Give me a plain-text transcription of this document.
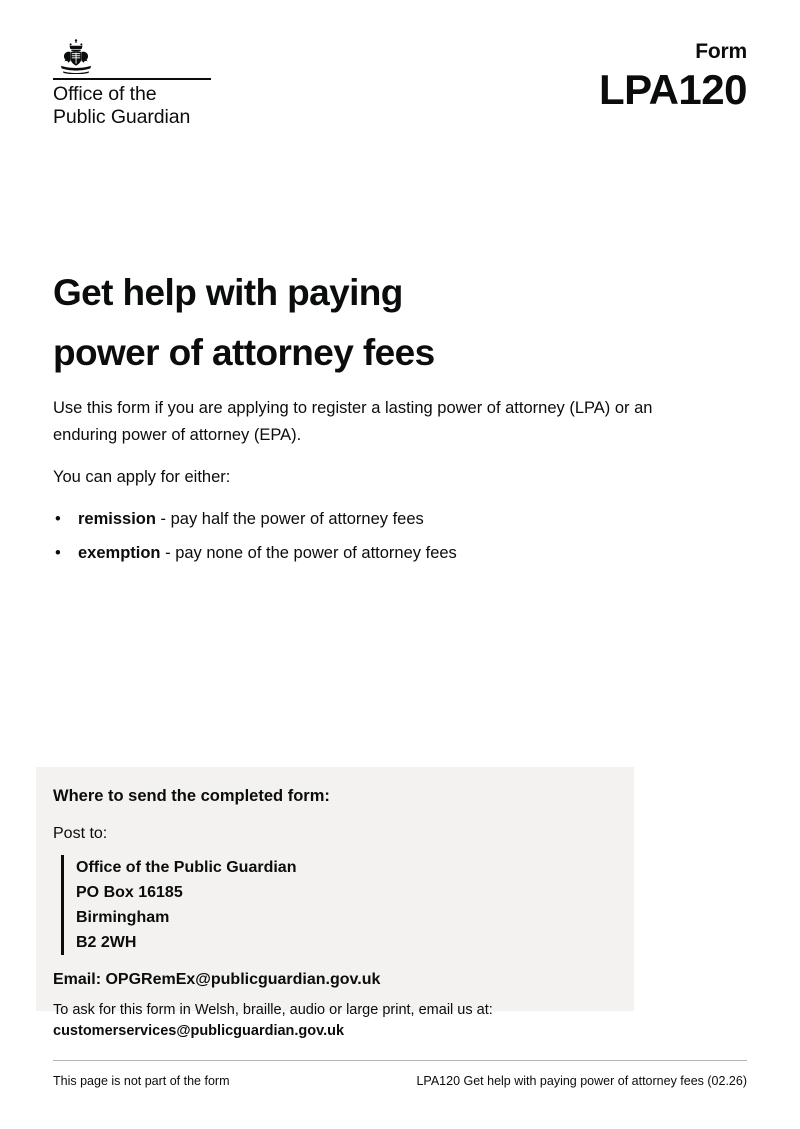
Office of the
Public Guardian
Form
LPA120
Get help with paying
power of attorney fees

Use this form if you are applying to register a lasting power of attorney (LPA) or an enduring power of attorney (EPA).

You can apply for either:

• remission - pay half the power of attorney fees
• exemption - pay none of the power of attorney fees
Where to send the completed form:

Post to:

Office of the Public Guardian
PO Box 16185
Birmingham
B2 2WH

Email: OPGRemEx@publicguardian.gov.uk

To ask for this form in Welsh, braille, audio or large print, email us at:
customerservices@publicguardian.gov.uk
This page is not part of the form	LPA120 Get help with paying power of attorney fees (02.26)
